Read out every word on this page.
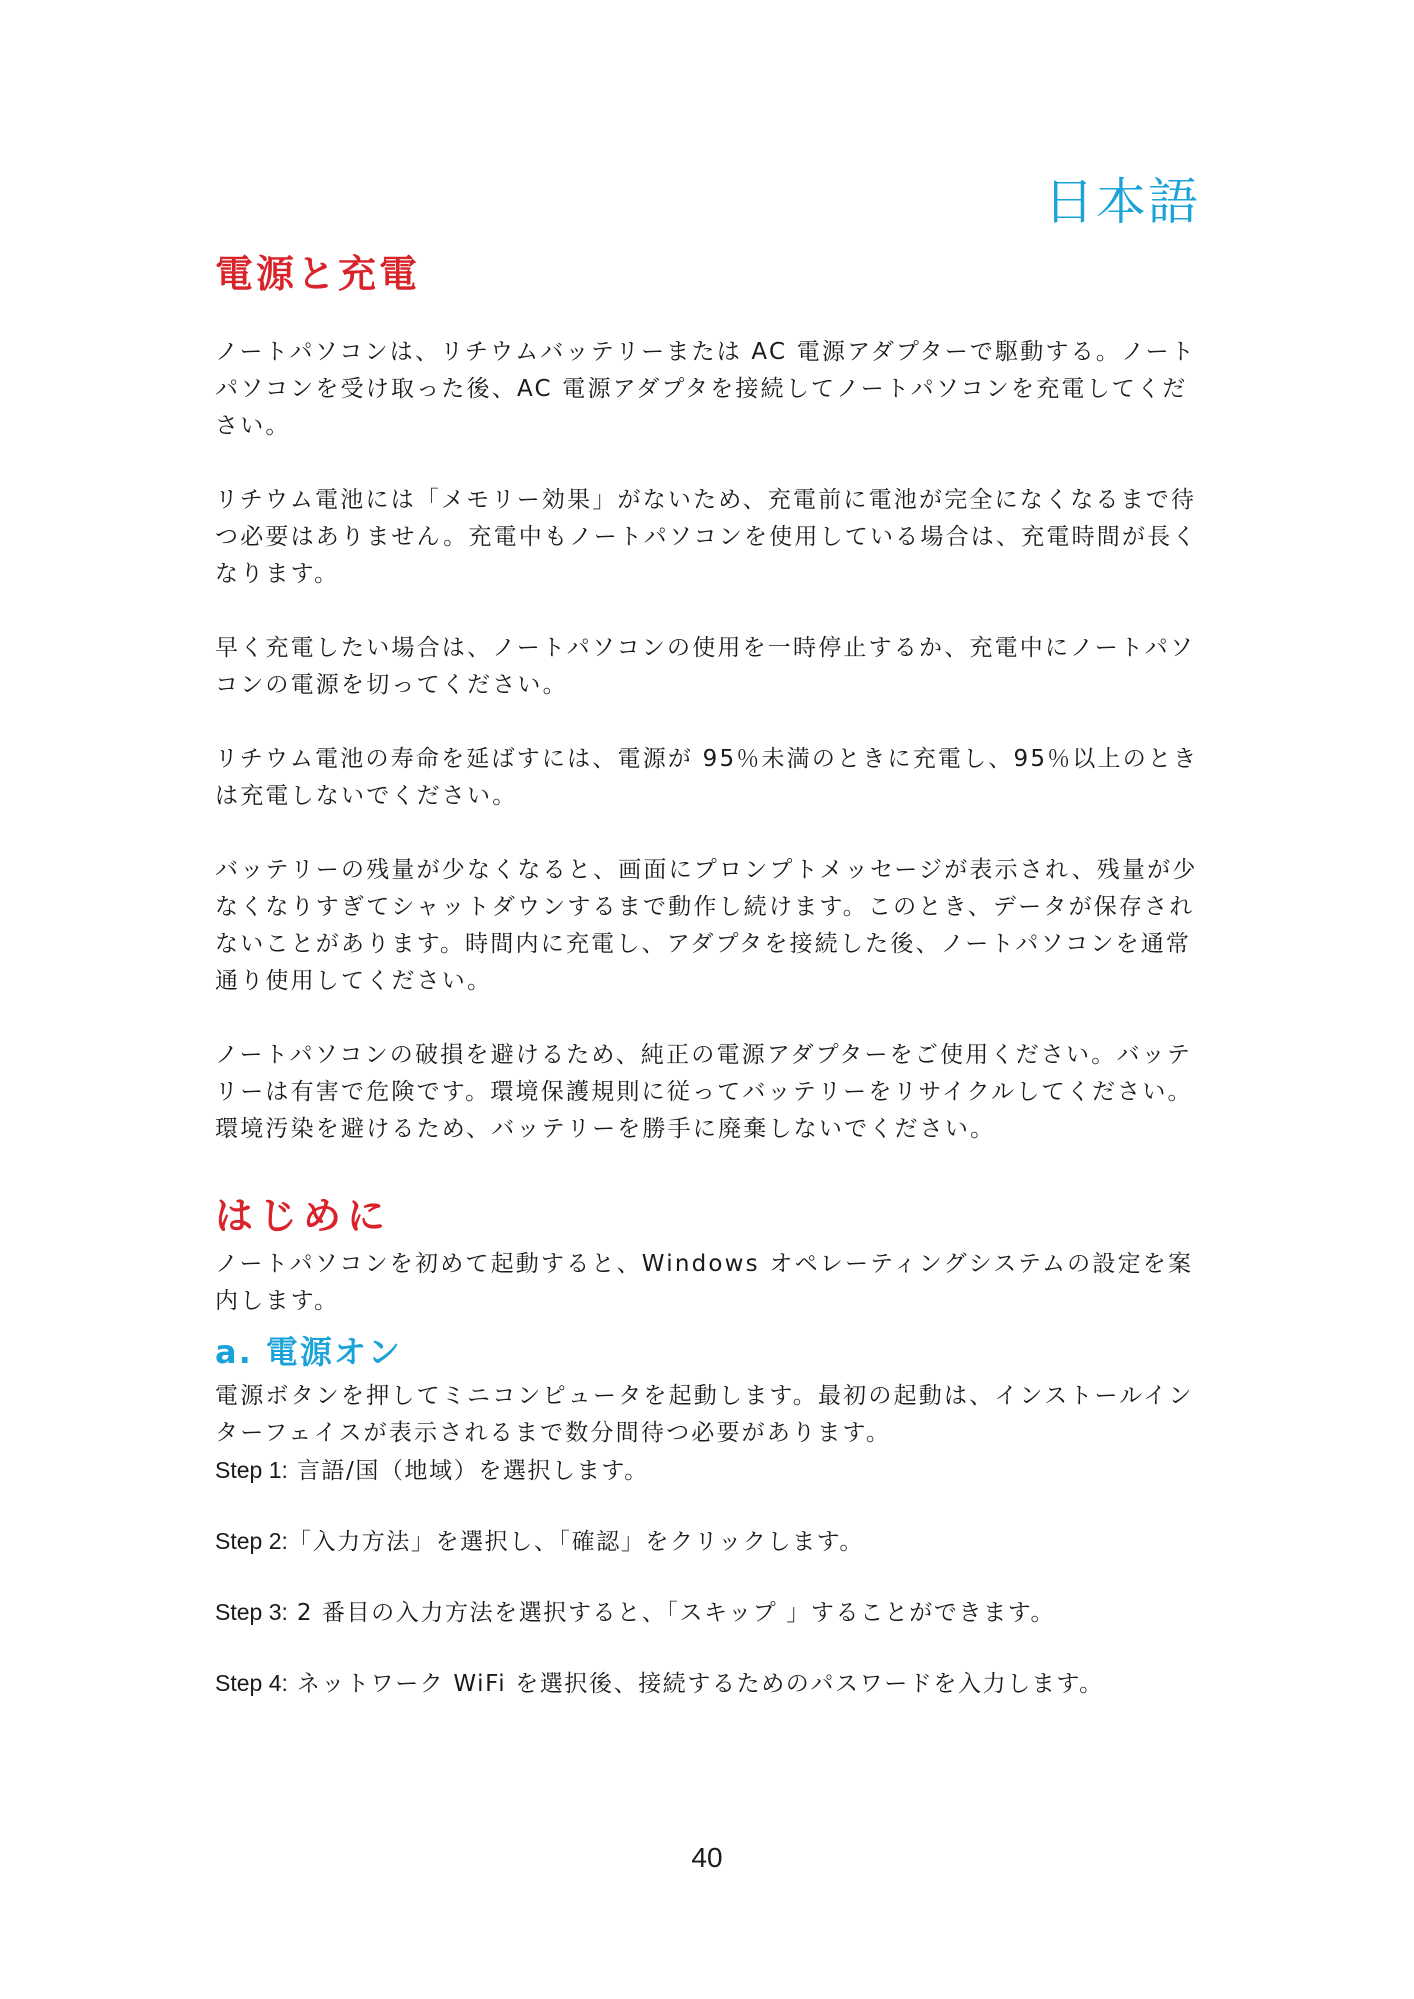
日本語
電源と充電

ノートパソコンは、リチウムバッテリーまたは AC 電源アダプターで駆動する。ノートパソコンを受け取った後、AC 電源アダプタを接続してノートパソコンを充電してください。

リチウム電池には「メモリー効果」がないため、充電前に電池が完全になくなるまで待つ必要はありません。充電中もノートパソコンを使用している場合は、充電時間が長くなります。

早く充電したい場合は、ノートパソコンの使用を一時停止するか、充電中にノートパソコンの電源を切ってください。

リチウム電池の寿命を延ばすには、電源が 95％未満のときに充電し、95％以上のときは充電しないでください。

バッテリーの残量が少なくなると、画面にプロンプトメッセージが表示され、残量が少なくなりすぎてシャットダウンするまで動作し続けます。このとき、データが保存されないことがあります。時間内に充電し、アダプタを接続した後、ノートパソコンを通常通り使用してください。

ノートパソコンの破損を避けるため、純正の電源アダプターをご使用ください。バッテリーは有害で危険です。環境保護規則に従ってバッテリーをリサイクルしてください。環境汚染を避けるため、バッテリーを勝手に廃棄しないでください。

はじめに

ノートパソコンを初めて起動すると、Windows オペレーティングシステムの設定を案内します。

a. 電源オン

電源ボタンを押してミニコンピュータを起動します。最初の起動は、インストールインターフェイスが表示されるまで数分間待つ必要があります。

Step 1: 言語/国（地域）を選択します。

Step 2:「入力方法」を選択し、「確認」をクリックします。

Step 3: 2 番目の入力方法を選択すると、「スキップ 」することができます。

Step 4: ネットワーク WiFi を選択後、接続するためのパスワードを入力します。

40
